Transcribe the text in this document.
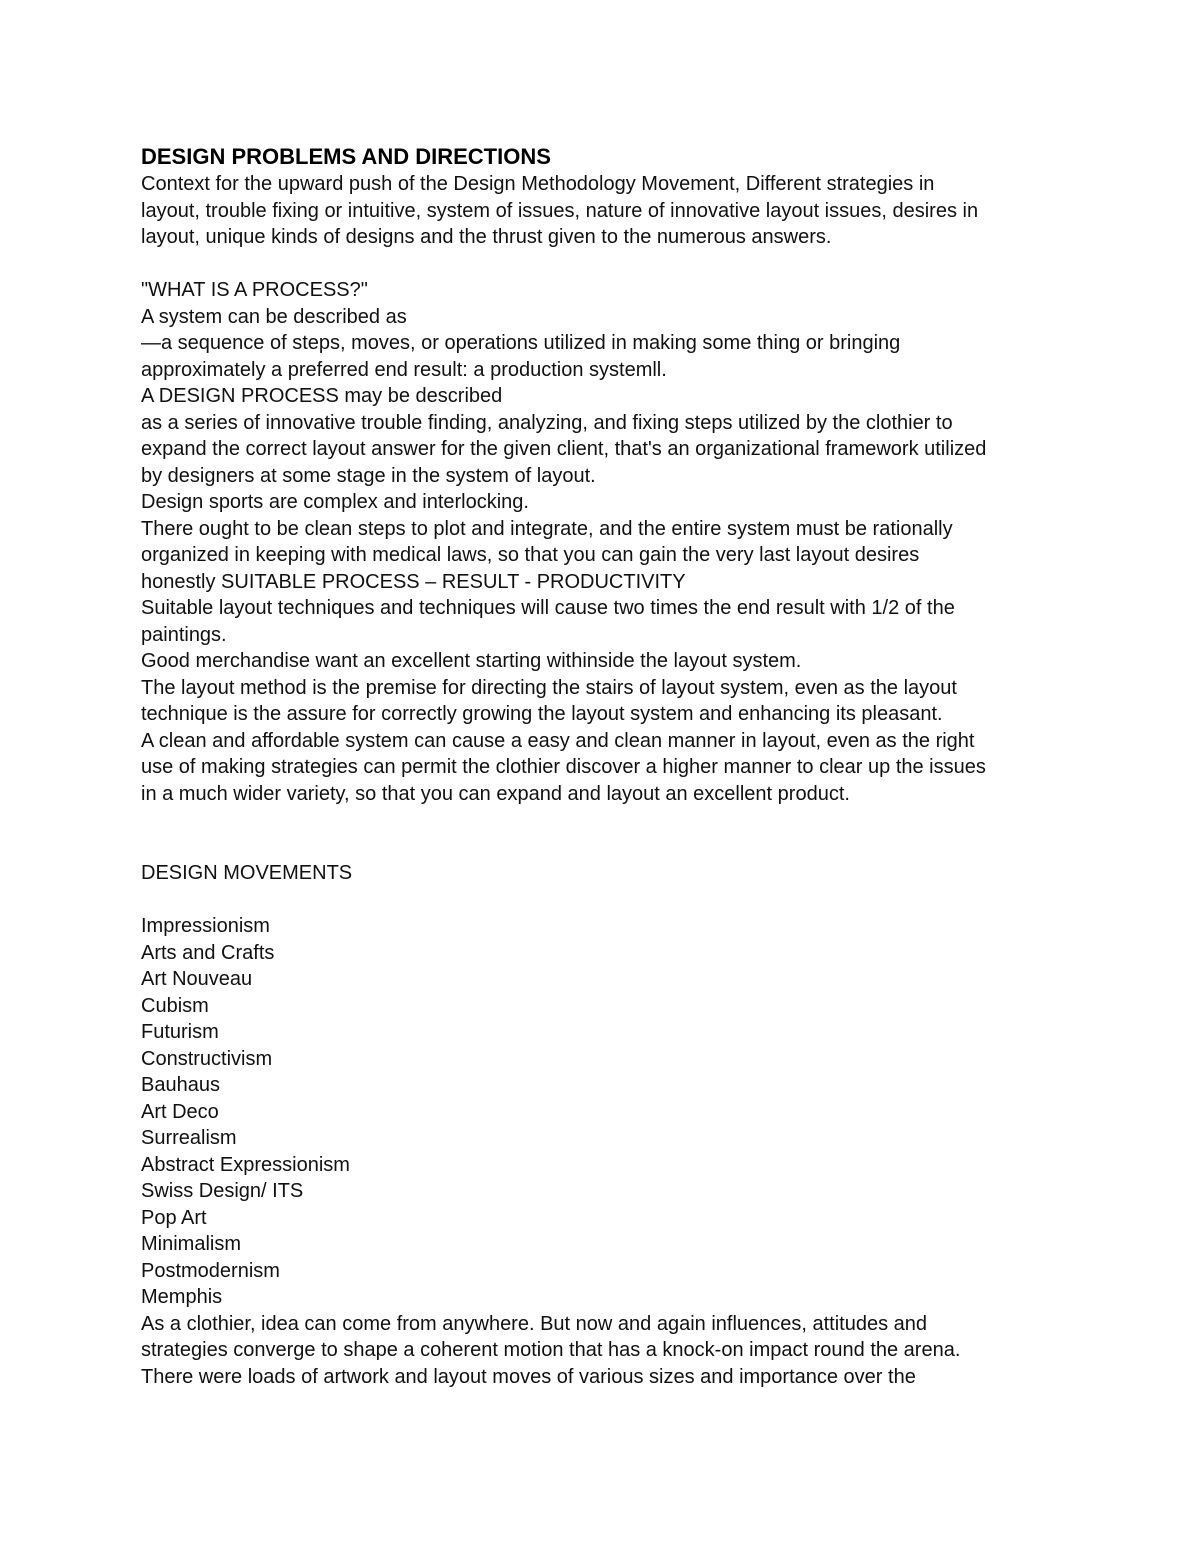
DESIGN PROBLEMS AND DIRECTIONS
Context for the upward push of the Design Methodology Movement, Different strategies in
layout, trouble fixing or intuitive, system of issues, nature of innovative layout issues, desires in
layout, unique kinds of designs and the thrust given to the numerous answers.
"WHAT IS A PROCESS?"
A system can be described as
—a sequence of steps, moves, or operations utilized in making some thing or bringing
approximately a preferred end result: a production systemll.
A DESIGN PROCESS may be described
as a series of innovative trouble finding, analyzing, and fixing steps utilized by the clothier to
expand the correct layout answer for the given client, that's an organizational framework utilized
by designers at some stage in the system of layout.
Design sports are complex and interlocking.
There ought to be clean steps to plot and integrate, and the entire system must be rationally
organized in keeping with medical laws, so that you can gain the very last layout desires
honestly SUITABLE PROCESS – RESULT - PRODUCTIVITY
Suitable layout techniques and techniques will cause two times the end result with 1/2 of the
paintings.
Good merchandise want an excellent starting withinside the layout system.
The layout method is the premise for directing the stairs of layout system, even as the layout
technique is the assure for correctly growing the layout system and enhancing its pleasant.
A clean and affordable system can cause a easy and clean manner in layout, even as the right
use of making strategies can permit the clothier discover a higher manner to clear up the issues
in a much wider variety, so that you can expand and layout an excellent product.
DESIGN MOVEMENTS
Impressionism
Arts and Crafts
Art Nouveau
Cubism
Futurism
Constructivism
Bauhaus
Art Deco
Surrealism
Abstract Expressionism
Swiss Design/ ITS
Pop Art
Minimalism
Postmodernism
Memphis
As a clothier, idea can come from anywhere. But now and again influences, attitudes and
strategies converge to shape a coherent motion that has a knock-on impact round the arena.
There were loads of artwork and layout moves of various sizes and importance over the
